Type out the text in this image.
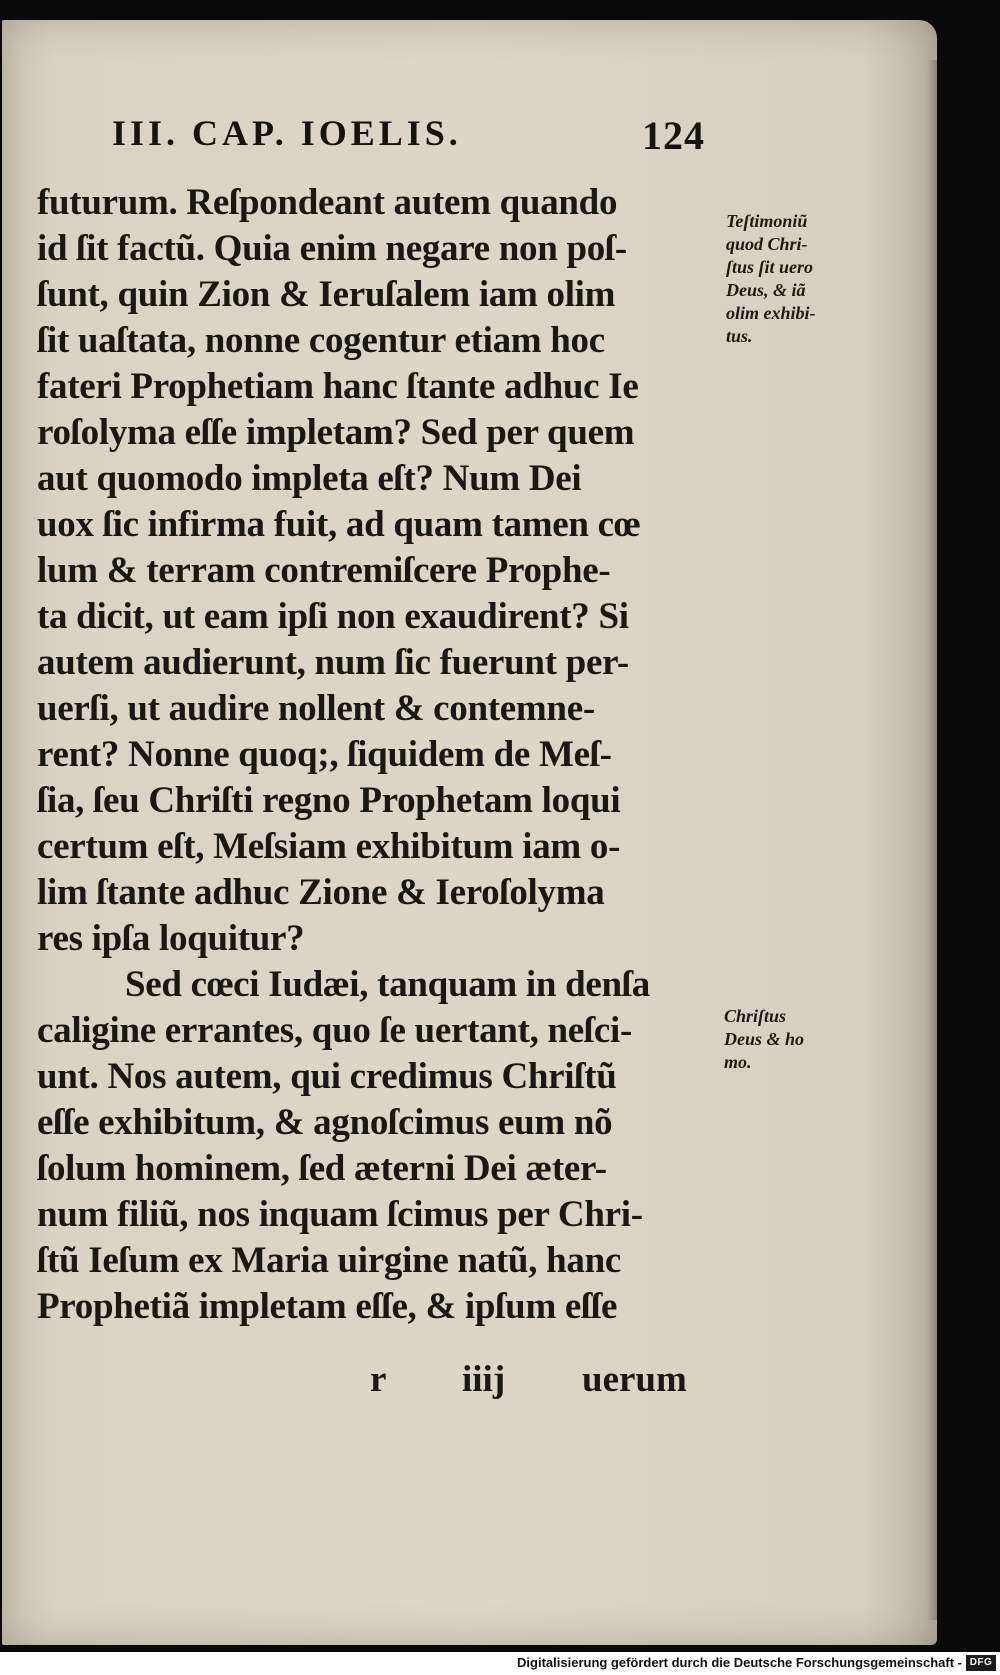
III. CAP. IOELIS.	124
futurum. Reſpondeant autem quando
id ſit factũ. Quia enim negare non poſ-
ſunt, quin Zion & Ieruſalem iam olim
ſit uaſtata, nonne cogentur etiam hoc
fateri Prophetiam hanc ſtante adhuc Ie
roſolyma eſſe impletam? Sed per quem
aut quomodo impleta eſt? Num Dei
uox ſic infirma fuit, ad quam tamen cœ
lum & terram contremiſcere Prophe-
ta dicit, ut eam ipſi non exaudirent? Si
autem audierunt, num ſic fuerunt per-
uerſi, ut audire nollent & contemne-
rent? Nonne quoq;, ſiquidem de Meſ-
ſia, ſeu Chriſti regno Prophetam loqui
certum eſt, Meſsiam exhibitum iam o-
lim ſtante adhuc Zione & Ieroſolyma
res ipſa loquitur?
Sed cœci Iudæi, tanquam in denſa
caligine errantes, quo ſe uertant, neſci-
unt. Nos autem, qui credimus Chriſtũ
eſſe exhibitum, & agnoſcimus eum nõ
ſolum hominem, ſed æterni Dei æter-
num filiũ, nos inquam ſcimus per Chri-
ſtũ Ieſum ex Maria uirgine natũ, hanc
Prophetiã impletam eſſe, & ipſum eſſe
Teſtimoniũ
quod Chri-
ſtus ſit uero
Deus, & iã
olim exhibi-
tus.
Chriſtus
Deus & ho
mo.
r iiij uerum
Digitalisierung gefördert durch die Deutsche Forschungsgemeinschaft - DFG
